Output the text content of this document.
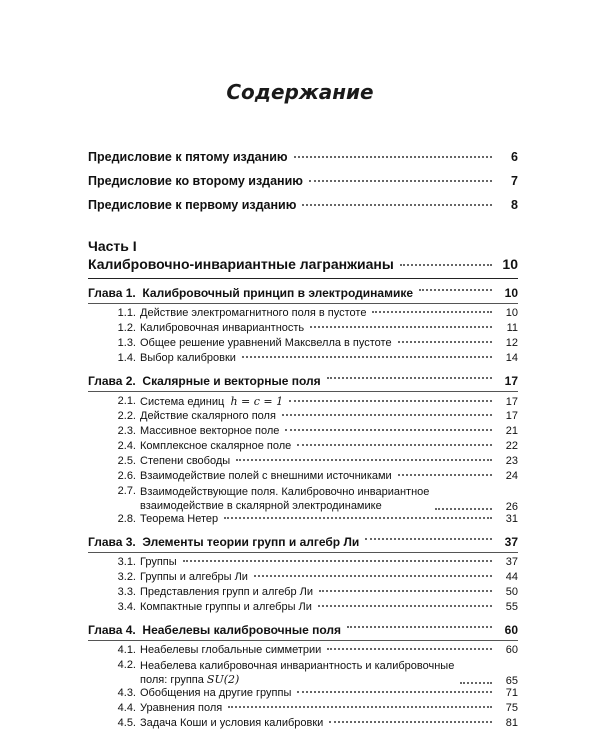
Содержание
Предисловие к пятому изданию	6
Предисловие ко второму изданию	7
Предисловие к первому изданию	8
Часть I
Калибровочно-инвариантные лагранжианы	10
Глава 1. Калибровочный принцип в электродинамике	10
1.1. Действие электромагнитного поля в пустоте	10
1.2. Калибровочная инвариантность	11
1.3. Общее решение уравнений Максвелла в пустоте	12
1.4. Выбор калибровки	14
Глава 2. Скалярные и векторные поля	17
2.1. Система единиц h = c = 1	17
2.2. Действие скалярного поля	17
2.3. Массивное векторное поле	21
2.4. Комплексное скалярное поле	22
2.5. Степени свободы	23
2.6. Взаимодействие полей с внешними источниками	24
2.7. Взаимодействующие поля. Калибровочно инвариантное
взаимодействие в скалярной электродинамике	26
2.8. Теорема Нетер	31
Глава 3. Элементы теории групп и алгебр Ли	37
3.1. Группы	37
3.2. Группы и алгебры Ли	44
3.3. Представления групп и алгебр Ли	50
3.4. Компактные группы и алгебры Ли	55
Глава 4. Неабелевы калибровочные поля	60
4.1. Неабелевы глобальные симметрии	60
4.2. Неабелева калибровочная инвариантность и калибровочные
поля: группа SU(2)	65
4.3. Обобщения на другие группы	71
4.4. Уравнения поля	75
4.5. Задача Коши и условия калибровки	81
